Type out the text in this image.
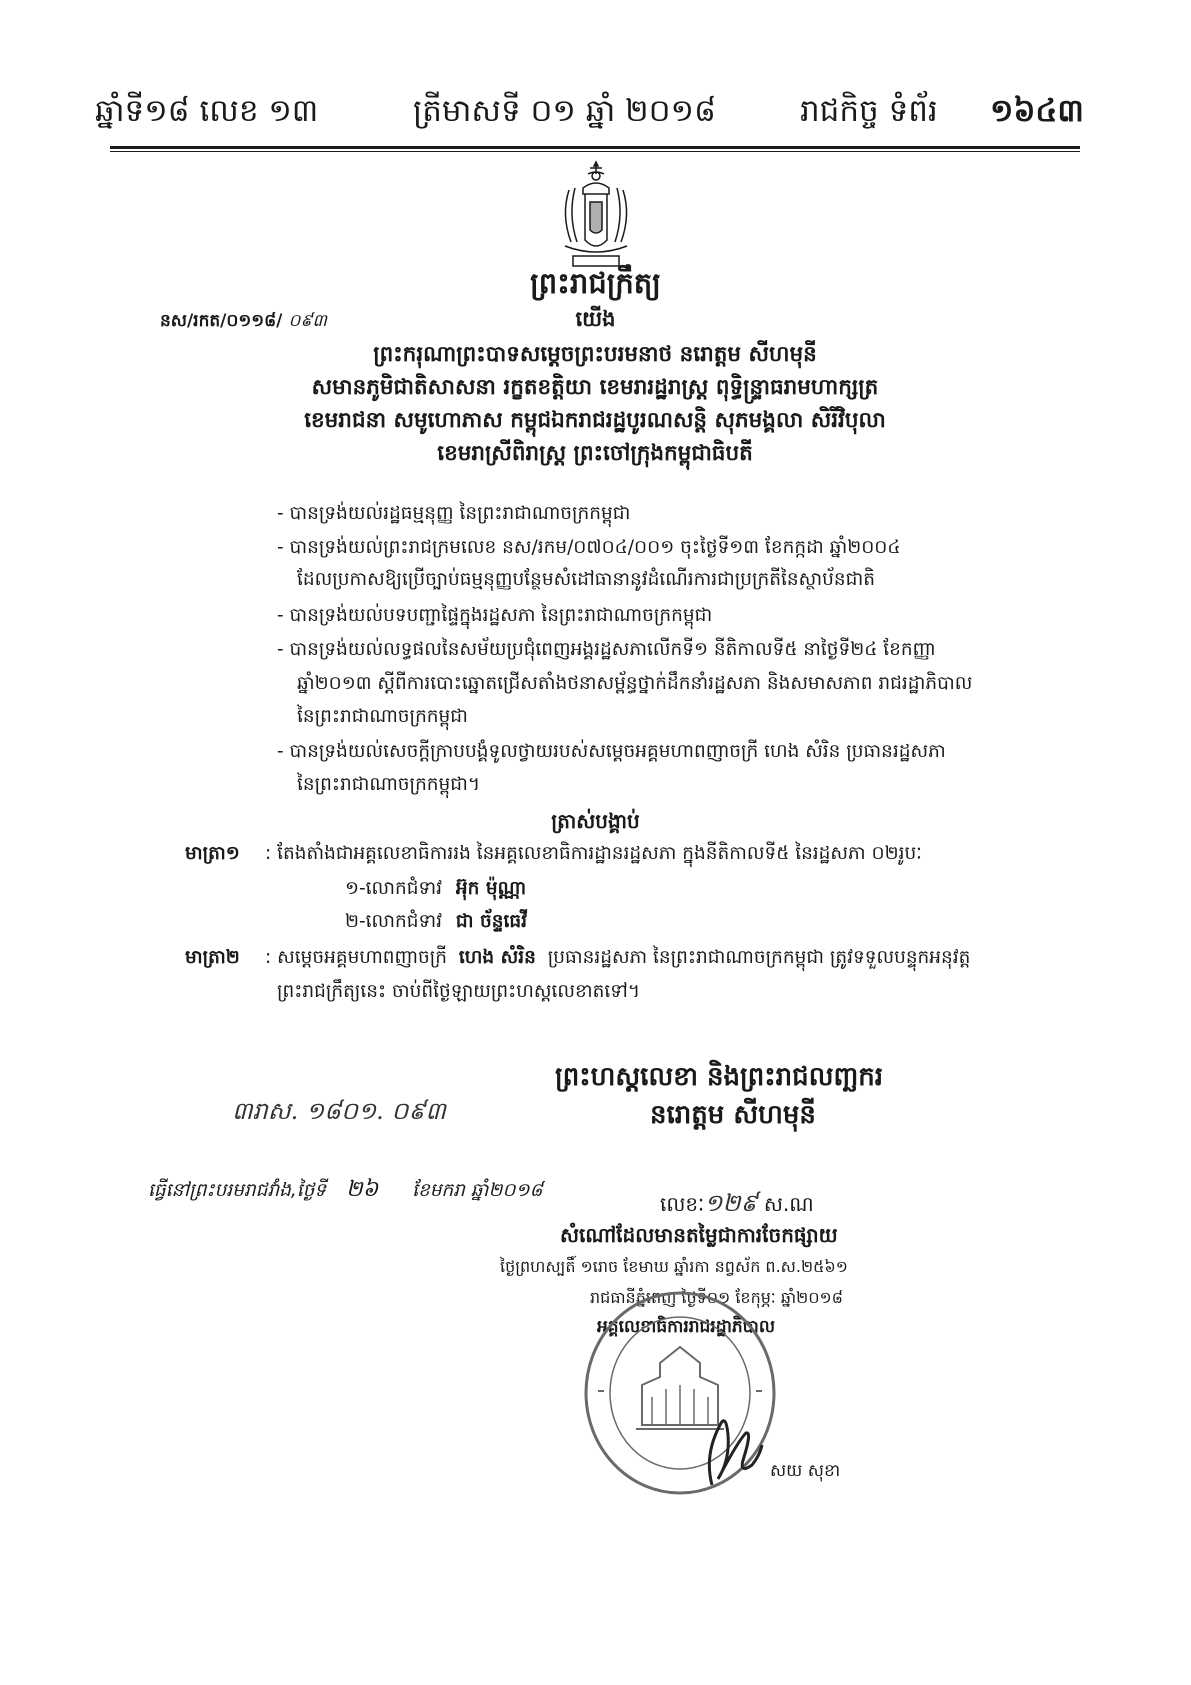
ឆ្នាំទី១៨ លេខ ១៣	ត្រីមាសទី ០១ ឆ្នាំ ២០១៨	រាជកិច្ច ទំព័រ ១៦៤៣
ព្រះរាជក្រឹត្យ
នស/រកត/០១១៨/ ០៩៣	យើង
ព្រះករុណាព្រះបាទសម្តេចព្រះបរមនាថ នរោត្តម សីហមុនី
សមានភូមិជាតិសាសនា រក្ខតខត្តិយា ខេមរារដ្ឋរាស្ត្រ ពុទ្ធិន្ទ្រាធរាមហាក្សត្រ
ខេមរាជនា សមូហោភាស កម្ពុជឯករាជរដ្ឋបូរណសន្តិ សុភមង្គលា សិរីវិបុលា
ខេមរាស្រីពិរាស្ត្រ ព្រះចៅក្រុងកម្ពុជាធិបតី
- បានទ្រង់យល់រដ្ឋធម្មនុញ្ញ នៃព្រះរាជាណាចក្រកម្ពុជា
- បានទ្រង់យល់ព្រះរាជក្រមលេខ នស/រកម/០៧០៤/០០១ ចុះថ្ងៃទី១៣ ខែកក្កដា ឆ្នាំ២០០៤
ដែលប្រកាសឱ្យប្រើច្បាប់ធម្មនុញ្ញបន្ថែមសំដៅធានានូវដំណើរការជាប្រក្រតីនៃស្ថាប័នជាតិ
- បានទ្រង់យល់បទបញ្ជាផ្ទៃក្នុងរដ្ឋសភា នៃព្រះរាជាណាចក្រកម្ពុជា
- បានទ្រង់យល់លទ្ធផលនៃសម័យប្រជុំពេញអង្គរដ្ឋសភាលើកទី១ នីតិកាលទី៥ នាថ្ងៃទី២៤ ខែកញ្ញា
ឆ្នាំ២០១៣ ស្តីពីការបោះឆ្នោតជ្រើសតាំងថនាសម្ព័ន្ធថ្នាក់ដឹកនាំរដ្ឋសភា និងសមាសភាព រាជរដ្ឋាភិបាល
នៃព្រះរាជាណាចក្រកម្ពុជា
- បានទ្រង់យល់សេចក្តីក្រាបបង្គំទូលថ្វាយរបស់សម្តេចអគ្គមហាពញាចក្រី ហេង សំរិន ប្រធានរដ្ឋសភា
នៃព្រះរាជាណាចក្រកម្ពុជា។
ត្រាស់បង្គាប់
មាត្រា១ : តែងតាំងជាអគ្គលេខាធិការរង នៃអគ្គលេខាធិការដ្ឋានរដ្ឋសភា ក្នុងនីតិកាលទី៥ នៃរដ្ឋសភា ០២រូបៈ
១-លោកជំទាវ អ៊ុក ម៉ុណ្ណា
២-លោកជំទាវ ជា ច័ន្ទធេវី
មាត្រា២ : សម្តេចអគ្គមហាពញាចក្រី ហេង សំរិន ប្រធានរដ្ឋសភា នៃព្រះរាជាណាចក្រកម្ពុជា ត្រូវទទួលបន្ទុកអនុវត្ត
ព្រះរាជក្រឹត្យនេះ ចាប់ពីថ្ងៃឡាយព្រះហស្តលេខាតទៅ។
ព្រះហស្តលេខា និងព្រះរាជលញ្ឆករ
នរោត្តម សីហមុនី
៣រាស. ១៨០១. ០៩៣
ធ្វើនៅព្រះបរមរាជវាំង,ថ្ងៃទី ២៦ ខែមករា ឆ្នាំ២០១៨
លេខៈ១២៩ ស.ណ
សំណៅដែលមានតម្លៃជាការចែកផ្សាយ
ថ្ងៃព្រហស្បតិ៍ ១រោច ខែមាឃ ឆ្នាំរកា នព្វស័ក ព.ស.២៥៦១
រាជធានីភ្នំពេញ ថ្ងៃទី០១ ខែកុម្ភៈ ឆ្នាំ២០១៨
អគ្គលេខាធិការរាជរដ្ឋាភិបាល
សយ សុខា
